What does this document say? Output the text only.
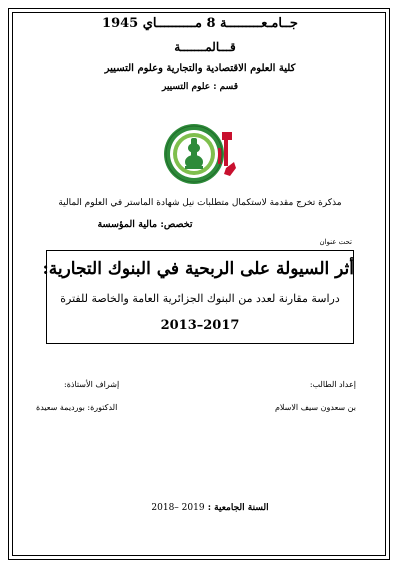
جــامـعـــــــــة 8 مــــــــــاي 1945
قـــالمـــــــة
كلية العلوم الاقتصادية والتجارية وعلوم التسيير
قسم : علوم التسيير
مذكرة تخرج مقدمة لاستكمال متطلبات نيل شهادة الماستر في العلوم المالية
تخصص: مالية المؤسسة
تحت عنوان
أثر السيولة على الربحية في البنوك التجارية:
دراسة مقارنة لعدد من البنوك الجزائرية العامة والخاصة للفترة
2013–2017
إعداد الطالب:
بن سعدون سيف الاسلام
إشراف الأستاذة:
الدكتورة: بورديمة سعيدة
السنة الجامعية : 2018– 2019
